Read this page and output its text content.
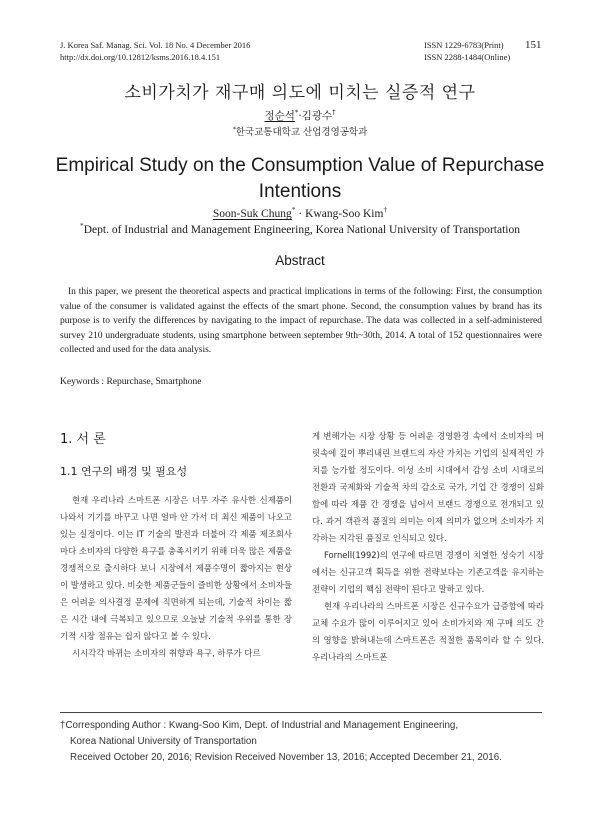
J. Korea Saf. Manag. Sci. Vol. 18 No. 4 December 2016
http://dx.doi.org/10.12812/ksms.2016.18.4.151
ISSN 1229-6783(Print)
ISSN 2288-1484(Online)
151
소비가치가 재구매 의도에 미치는 실증적 연구
정순석*·김광수†
*한국교통대학교 산업경영공학과
Empirical Study on the Consumption Value of Repurchase
Intentions
Soon-Suk Chung* · Kwang-Soo Kim†
*Dept. of Industrial and Management Engineering, Korea National University of Transportation
Abstract
In this paper, we present the theoretical aspects and practical implications in terms of the following: First, the consumption value of the consumer is validated against the effects of the smart phone. Second, the consumption values by brand has its purpose is to verify the differences by navigating to the impact of repurchase. The data was collected in a self-administered survey 210 undergraduate students, using smartphone between september 9th~30th, 2014. A total of 152 questionnaires were collected and used for the data analysis.
Keywords : Repurchase, Smartphone
1. 서 론
1.1 연구의 배경 및 필요성

현재 우리나라 스마트폰 시장은 너무 자주 유사한 신제품이 나와서 기기를 바꾸고 나면 얼마 안 가서 더 최신 제품이 나오고 있는 실정이다. 이는 IT 기술의 발전과 더불어 각 제품 제조회사마다 소비자의 다양한 욕구를 충족시키기 위해 더욱 많은 제품을 경쟁적으로 출시하다 보니 시장에서 제품수명이 짧아지는 현상이 발생하고 있다. 비슷한 제품군들이 즐비한 상황에서 소비자들은 어려운 의사결정 문제에 직면하게 되는데, 기술적 차이는 짧은 시간 내에 극복되고 있으므로 오늘날 기술적 우위를 통한 장기적 시장 점유는 쉽지 않다고 볼 수 있다.

시시각각 바뀌는 소비자의 취향과 욕구, 하루가 다르

게 변해가는 시장 상황 등 어려운 경영환경 속에서 소비자의 머릿속에 깊이 뿌리내린 브랜드의 자산 가치는 기업의 실제적인 가치를 능가할 정도이다. 이성 소비 시대에서 감성 소비 시대로의 전환과 국제화와 기술적 차의 감소로 국가, 기업 간 경쟁이 심화함에 따라 제품 간 경쟁을 넘어서 브랜드 경쟁으로 전개되고 있다. 과거 객관적 품질의 의미는 이제 의미가 없으며 소비자가 지각하는 지각된 품질로 인식되고 있다.

Fornell(1992)의 연구에 따르면 경쟁이 치열한 성숙기 시장에서는 신규고객 획득을 위한 전략보다는 기존고객을 유지하는 전략이 기업의 핵심 전략이 된다고 말하고 있다.

현재 우리나라의 스마트폰 시장은 신규수요가 급증함에 따라 교체 수요가 많이 이루어지고 있어 소비가치와 재 구매 의도 간의 영향을 밝혀내는데 스마트폰은 적절한 품목이라 할 수 있다. 우리나라의 스마트폰

†Corresponding Author : Kwang-Soo Kim, Dept. of Industrial and Management Engineering,
Korea National University of Transportation
Received October 20, 2016; Revision Received November 13, 2016; Accepted December 21, 2016.
